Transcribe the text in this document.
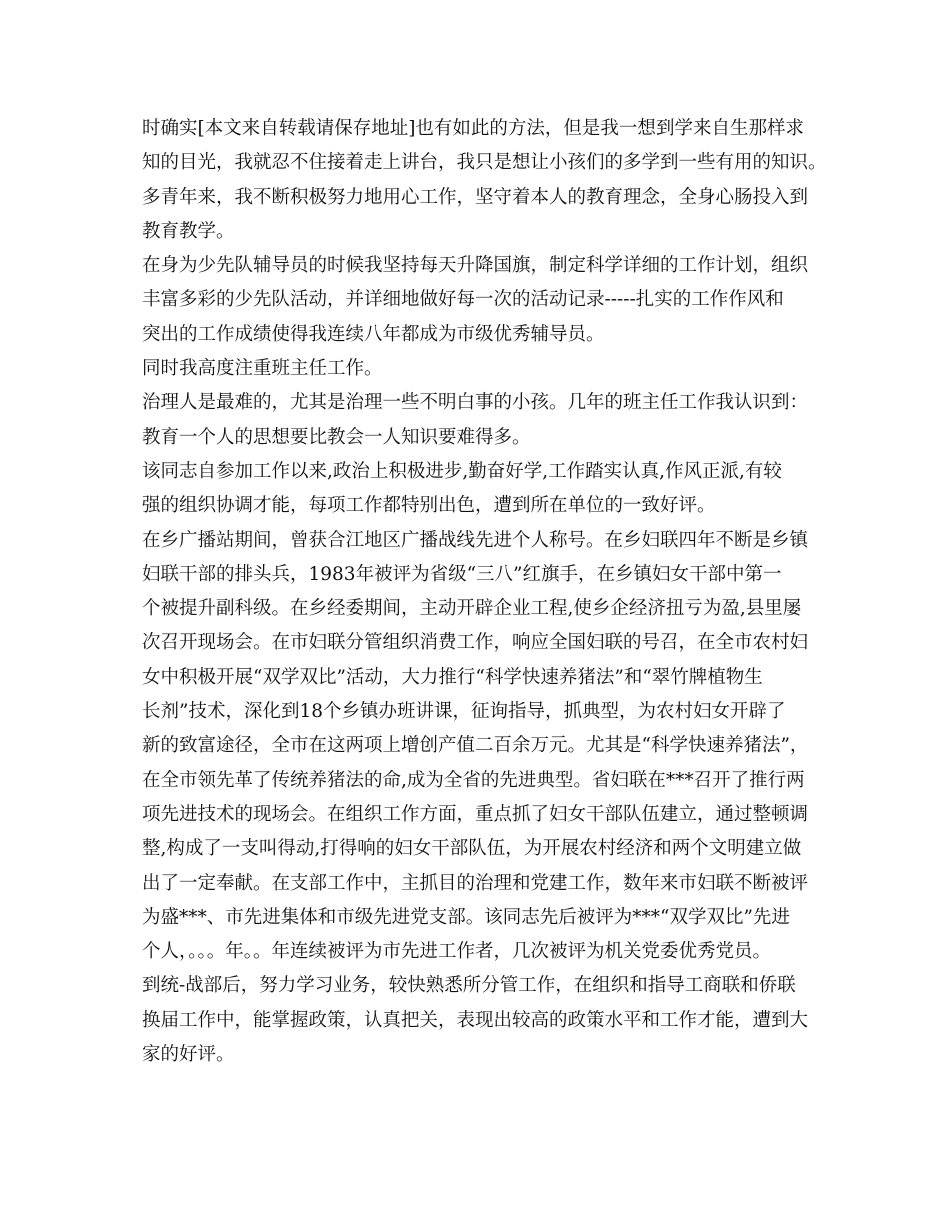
时确实[本文来自转载请保存地址]也有如此的方法，但是我一想到学来自生那样求
知的目光，我就忍不住接着走上讲台，我只是想让小孩们的多学到一些有用的知识。
多青年来，我不断积极努力地用心工作，坚守着本人的教育理念，全身心肠投入到
教育教学。
在身为少先队辅导员的时候我坚持每天升降国旗，制定科学详细的工作计划，组织
丰富多彩的少先队活动，并详细地做好每一次的活动记录-----扎实的工作作风和
突出的工作成绩使得我连续八年都成为市级优秀辅导员。
同时我高度注重班主任工作。
治理人是最难的，尤其是治理一些不明白事的小孩。几年的班主任工作我认识到：
教育一个人的思想要比教会一人知识要难得多。
该同志自参加工作以来,政治上积极进步,勤奋好学,工作踏实认真,作风正派,有较
强的组织协调才能，每项工作都特别出色，遭到所在单位的一致好评。
在乡广播站期间，曾获合江地区广播战线先进个人称号。在乡妇联四年不断是乡镇
妇联干部的排头兵，1983年被评为省级“三八”红旗手，在乡镇妇女干部中第一
个被提升副科级。在乡经委期间，主动开辟企业工程,使乡企经济扭亏为盈,县里屡
次召开现场会。在市妇联分管组织消费工作，响应全国妇联的号召，在全市农村妇
女中积极开展“双学双比”活动，大力推行“科学快速养猪法”和“翠竹牌植物生
长剂”技术，深化到18个乡镇办班讲课，征询指导，抓典型，为农村妇女开辟了
新的致富途径，全市在这两项上增创产值二百余万元。尤其是“科学快速养猪法”，
在全市领先革了传统养猪法的命,成为全省的先进典型。省妇联在***召开了推行两
项先进技术的现场会。在组织工作方面，重点抓了妇女干部队伍建立，通过整顿调
整,构成了一支叫得动,打得响的妇女干部队伍，为开展农村经济和两个文明建立做
出了一定奉献。在支部工作中，主抓目的治理和党建工作，数年来市妇联不断被评
为盛***、市先进集体和市级先进党支部。该同志先后被评为***“双学双比”先进
个人，。。。年。。年连续被评为市先进工作者，几次被评为机关党委优秀党员。
到统-战部后，努力学习业务，较快熟悉所分管工作，在组织和指导工商联和侨联
换届工作中，能掌握政策，认真把关，表现出较高的政策水平和工作才能，遭到大
家的好评。
